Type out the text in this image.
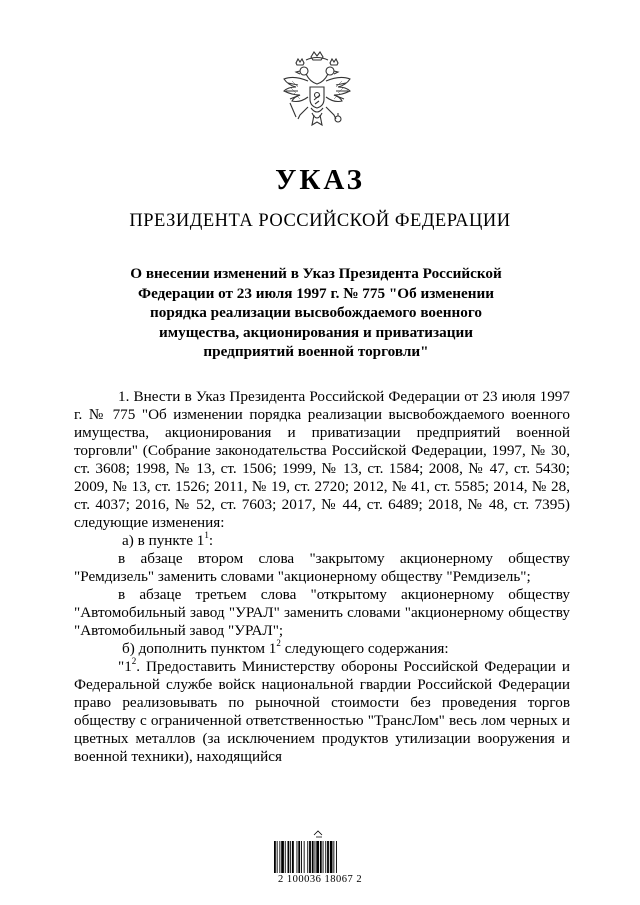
УКАЗ
ПРЕЗИДЕНТА РОССИЙСКОЙ ФЕДЕРАЦИИ
О внесении изменений в Указ Президента Российской
Федерации от 23 июля 1997 г. № 775 "Об изменении
порядка реализации высвобождаемого военного
имущества, акционирования и приватизации
предприятий военной торговли"

1. Внести в Указ Президента Российской Федерации от 23 июля 1997 г. № 775 "Об изменении порядка реализации высвобождаемого военного имущества, акционирования и приватизации предприятий военной торговли" (Собрание законодательства Российской Федерации, 1997, № 30, ст. 3608; 1998, № 13, ст. 1506; 1999, № 13, ст. 1584; 2008, № 47, ст. 5430; 2009, № 13, ст. 1526; 2011, № 19, ст. 2720; 2012, № 41, ст. 5585; 2014, № 28, ст. 4037; 2016, № 52, ст. 7603; 2017, № 44, ст. 6489; 2018, № 48, ст. 7395) следующие изменения:

а) в пункте $1^1$:

в абзаце втором слова "закрытому акционерному обществу "Ремдизель" заменить словами "акционерному обществу "Ремдизель";

в абзаце третьем слова "открытому акционерному обществу "Автомобильный завод "УРАЛ" заменить словами "акционерному обществу "Автомобильный завод "УРАЛ";

б) дополнить пунктом $1^2$ следующего содержания:

"$1^2$. Предоставить Министерству обороны Российской Федерации и Федеральной службе войск национальной гвардии Российской Федерации право реализовывать по рыночной стоимости без проведения торгов обществу с ограниченной ответственностью "ТрансЛом" весь лом черных и цветных металлов (за исключением продуктов утилизации вооружения и военной техники), находящийся

2 100036 18067 2
